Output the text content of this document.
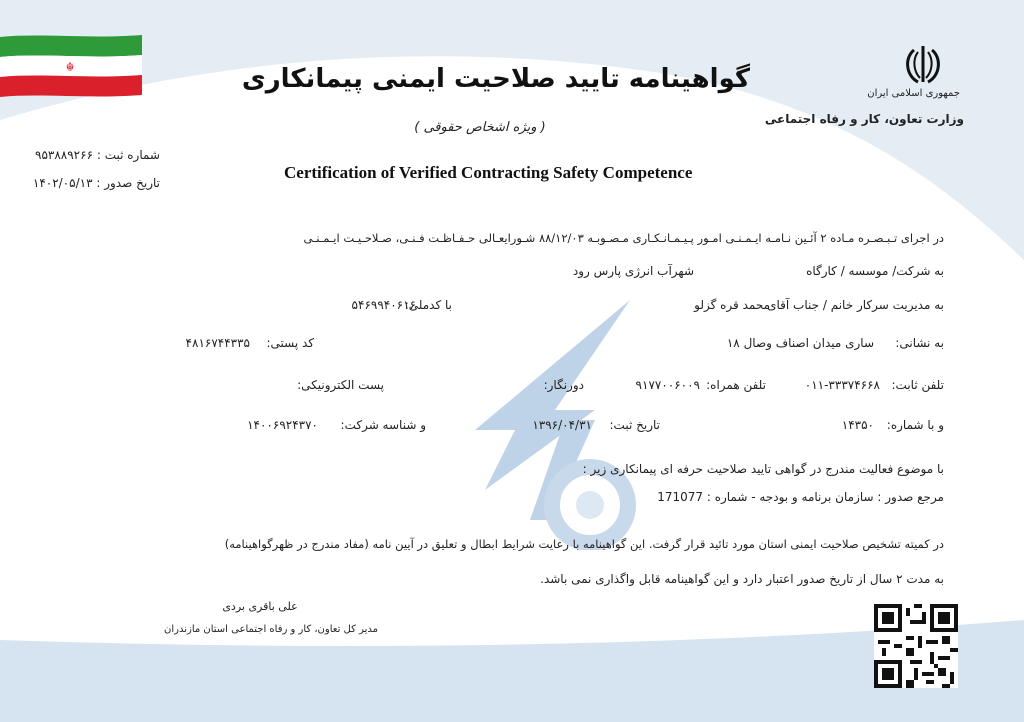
☬
جمهوری اسلامی ایران
وزارت تعاون، کار و رفاه اجتماعی
گواهینامه تایید صلاحیت ایمنی پیمانکاری
( ویژه اشخاص حقوقی )
Certification of Verified Contracting Safety Competence
شماره ثبت : ۹۵۳۸۸۹۲۶۶
تاریخ صدور : ۱۴۰۲/۰۵/۱۳
در اجرای تـبـصـره مـاده ۲ آئـین نـامـه ایـمـنـی امـور پـیـمـانـکـاری مـصـوبـه ۸۸/۱۲/۰۳ شـورایعـالی حـفـاظـت فـنـی، صـلاحـیـت ایـمـنـی
به شرکت/ موسسه / کارگاه
شهرآب انرژی پارس رود
به مدیریت سرکار خانم / جناب آقای
محمد قره گزلو
با کدملی:
۵۴۶۹۹۴۰۶۱۶
به نشانی:
ساری میدان اصناف وصال ۱۸
کد پستی:
۴۸۱۶۷۴۴۳۳۵
تلفن ثابت:
۰۱۱-۳۳۳۷۴۶۶۸
تلفن همراه:
۹۱۷۷۰۰۶۰۰۹
دورنگار:
پست الکترونیکی:
و با شماره:
۱۴۳۵۰
تاریخ ثبت:
۱۳۹۶/۰۴/۳۱
و شناسه شرکت:
۱۴۰۰۶۹۲۴۳۷۰
با موضوع فعالیت مندرج در گواهی تایید صلاحیت حرفه ای پیمانکاری زیر :
مرجع صدور : سازمان برنامه و بودجه - شماره : 171077
در کمیته تشخیص صلاحیت ایمنی استان مورد تائید قرار گرفت. این گواهینامه با رعایت شرایط ابطال و تعلیق در آیین نامه (مفاد مندرج در ظهرگواهینامه)
به مدت ۲ سال از تاریخ صدور اعتبار دارد و این گواهینامه قابل واگذاری نمی باشد.
علی باقری بردی
مدیر کل تعاون، کار و رفاه اجتماعی استان مازندران
